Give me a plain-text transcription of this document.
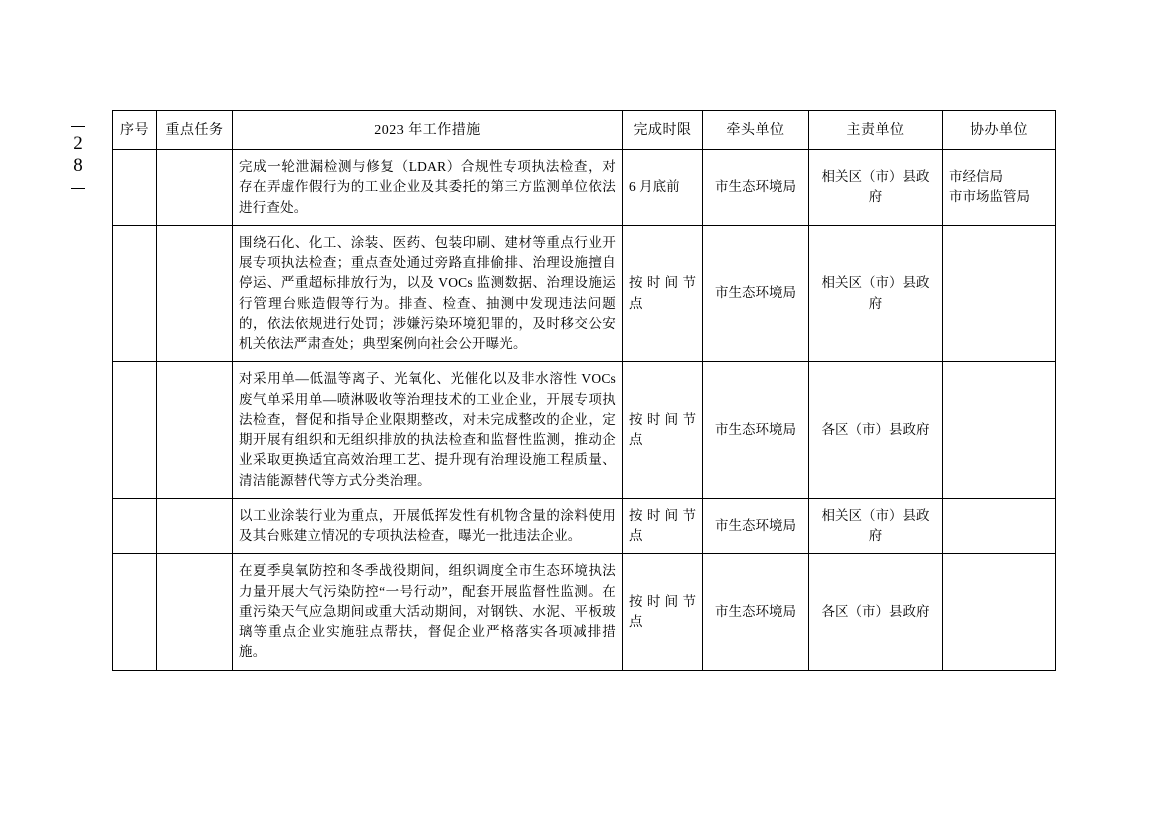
28
序号	重点任务	2023 年工作措施	完成时限	牵头单位	主责单位	协办单位
		完成一轮泄漏检测与修复（LDAR）合规性专项执法检查，对存在弄虚作假行为的工业企业及其委托的第三方监测单位依法进行查处。	6 月底前	市生态环境局	相关区（市）县政府	市经信局
市市场监管局

		围绕石化、化工、涂装、医药、包装印刷、建材等重点行业开展专项执法检查；重点查处通过旁路直排偷排、治理设施擅自停运、严重超标排放行为，以及 VOCs 监测数据、治理设施运行管理台账造假等行为。排查、检查、抽测中发现违法问题的，依法依规进行处罚；涉嫌污染环境犯罪的，及时移交公安机关依法严肃查处；典型案例向社会公开曝光。	按时间节点	市生态环境局	相关区（市）县政府	
		对采用单—低温等离子、光氧化、光催化以及非水溶性 VOCs 废气单采用单—喷淋吸收等治理技术的工业企业，开展专项执法检查，督促和指导企业限期整改，对未完成整改的企业，定期开展有组织和无组织排放的执法检查和监督性监测，推动企业采取更换适宜高效治理工艺、提升现有治理设施工程质量、清洁能源替代等方式分类治理。	按时间节点	市生态环境局	各区（市）县政府	
		以工业涂装行业为重点，开展低挥发性有机物含量的涂料使用及其台账建立情况的专项执法检查，曝光一批违法企业。	按时间节点	市生态环境局	相关区（市）县政府	
		在夏季臭氧防控和冬季战役期间，组织调度全市生态环境执法力量开展大气污染防控“一号行动”，配套开展监督性监测。在重污染天气应急期间或重大活动期间，对钢铁、水泥、平板玻璃等重点企业实施驻点帮扶，督促企业严格落实各项减排措施。	按时间节点	市生态环境局	各区（市）县政府	
